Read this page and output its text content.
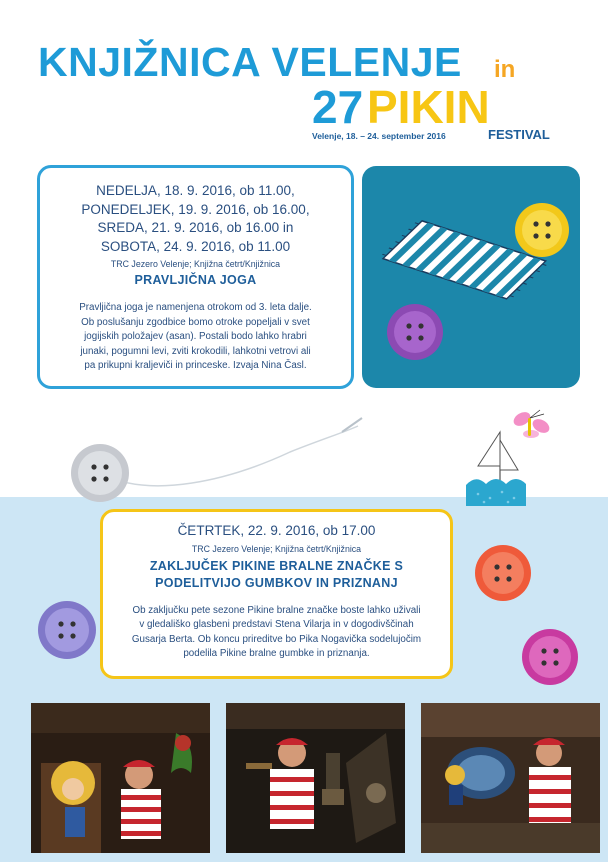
KNJIŽNICA VELENJE in
27 PIKIN
Velenje, 18. – 24. september 2016	FESTIVAL
NEDELJA, 18. 9. 2016, ob 11.00,
PONEDELJEK, 19. 9. 2016, ob 16.00,
SREDA, 21. 9. 2016, ob 16.00 in
SOBOTA, 24. 9. 2016, ob 11.00
TRC Jezero Velenje; Knjižna četrt/Knjižnica
PRAVLJIČNA JOGA
Pravljična joga je namenjena otrokom od 3. leta dalje.
Ob poslušanju zgodbice bomo otroke popeljali v svet
jogijskih položajev (asan). Postali bodo lahko hrabri
junaki, pogumni levi, zviti krokodili, lahkotni vetrovi ali
pa prikupni kraljeviči in princeske. Izvaja Nina Časl.
ČETRTEK, 22. 9. 2016, ob 17.00
TRC Jezero Velenje; Knjižna četrt/Knjižnica
ZAKLJUČEK PIKINE BRALNE ZNAČKE S
PODELITVIJO GUMBKOV IN PRIZNANJ
Ob zaključku pete sezone Pikine bralne značke boste lahko uživali
v gledališko glasbeni predstavi Stena Vilarja in v dogodivščinah
Gusarja Berta. Ob koncu prireditve bo Pika Nogavička sodelujočim
podelila Pikine bralne gumbke in priznanja.
